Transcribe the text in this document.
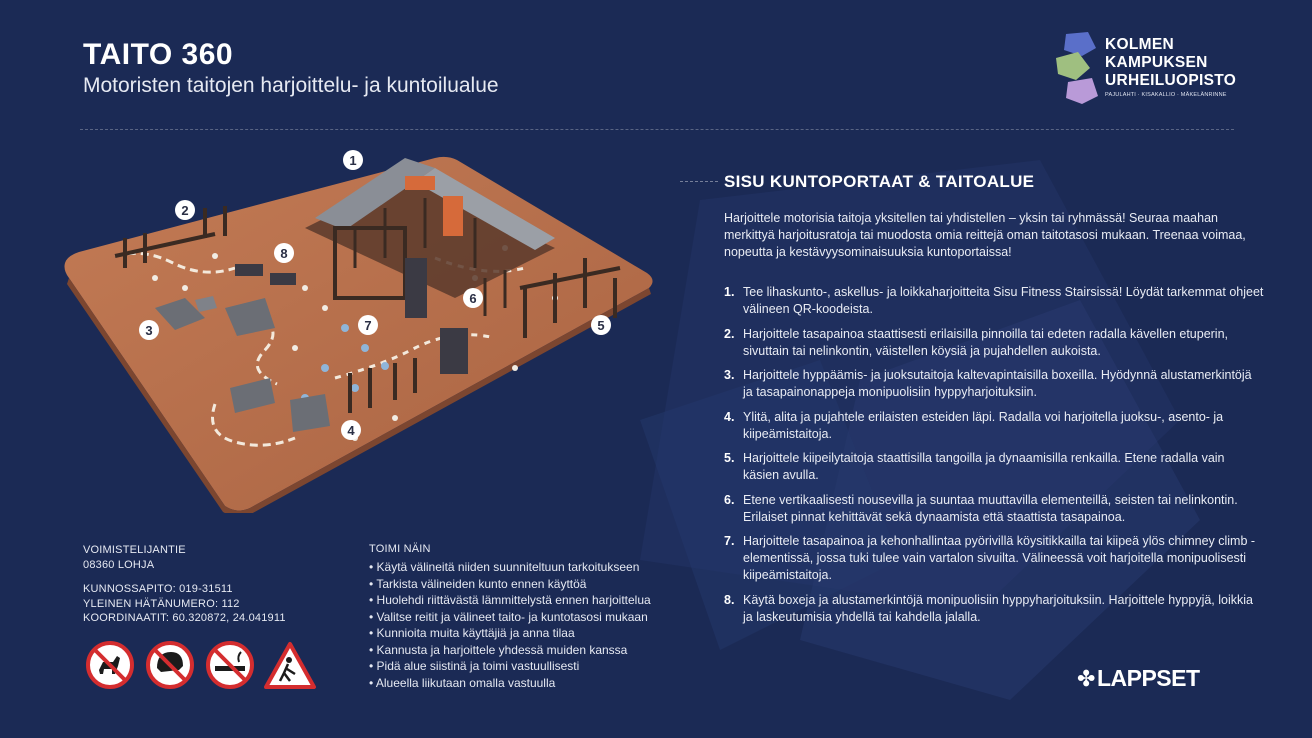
TAITO 360

Motoristen taitojen harjoittelu- ja kuntoilualue

KOLMEN
KAMPUKSEN
URHEILUOPISTO
PAJULAHTI · KISAKALLIO · MÄKELÄNRINNE
1
2
3
4
5
6
7
8
SISU KUNTOPORTAAT & TAITOALUE

Harjoittele motorisia taitoja yksitellen tai yhdistellen – yksin tai ryhmässä! Seuraa maahan merkittyä harjoitusratoja tai muodosta omia reittejä oman taitotasosi mukaan. Treenaa voimaa, nopeutta ja kestävyysominaisuuksia kuntoportaissa!

1. Tee lihaskunto-, askellus- ja loikkaharjoitteita Sisu Fitness Stairsissä! Löydät tarkemmat ohjeet välineen QR-koodeista.
2. Harjoittele tasapainoa staattisesti erilaisilla pinnoilla tai edeten radalla kävellen etuperin, sivuttain tai nelinkontin, väistellen köysiä ja pujahdellen aukoista.
3. Harjoittele hyppäämis- ja juoksutaitoja kaltevapintaisilla boxeilla. Hyödynnä alustamerkintöjä ja tasapainonappeja monipuolisiin hyppyharjoituksiin.
4. Ylitä, alita ja pujahtele erilaisten esteiden läpi. Radalla voi harjoitella juoksu-, asento- ja kiipeämistaitoja.
5. Harjoittele kiipeilytaitoja staattisilla tangoilla ja dynaamisilla renkailla. Etene radalla vain käsien avulla.
6. Etene vertikaalisesti nousevilla ja suuntaa muuttavilla elementeillä, seisten tai nelinkontin. Erilaiset pinnat kehittävät sekä dynaamista että staattista tasapainoa.
7. Harjoittele tasapainoa ja kehonhallintaa pyörivillä köysitikkailla tai kiipeä ylös chimney climb -elementissä, jossa tuki tulee vain vartalon sivuilta. Välineessä voit harjoitella monipuolisesti kiipeämistaitoja.
8. Käytä boxeja ja alustamerkintöjä monipuolisiin hyppyharjoituksiin. Harjoittele hyppyjä, loikkia ja laskeutumisia yhdellä tai kahdella jalalla.
VOIMISTELIJANTIE
08360 LOHJA
KUNNOSSAPITO: 019-31511
YLEINEN HÄTÄNUMERO: 112
KOORDINAATIT: 60.320872, 24.041911
TOIMI NÄIN
• Käytä välineitä niiden suunniteltuun tarkoitukseen
• Tarkista välineiden kunto ennen käyttöä
• Huolehdi riittävästä lämmittelystä ennen harjoittelua
• Valitse reitit ja välineet taito- ja kuntotasosi mukaan
• Kunnioita muita käyttäjiä ja anna tilaa
• Kannusta ja harjoittele yhdessä muiden kanssa
• Pidä alue siistinä ja toimi vastuullisesti
• Alueella liikutaan omalla vastuulla	✤ LAPPSET
